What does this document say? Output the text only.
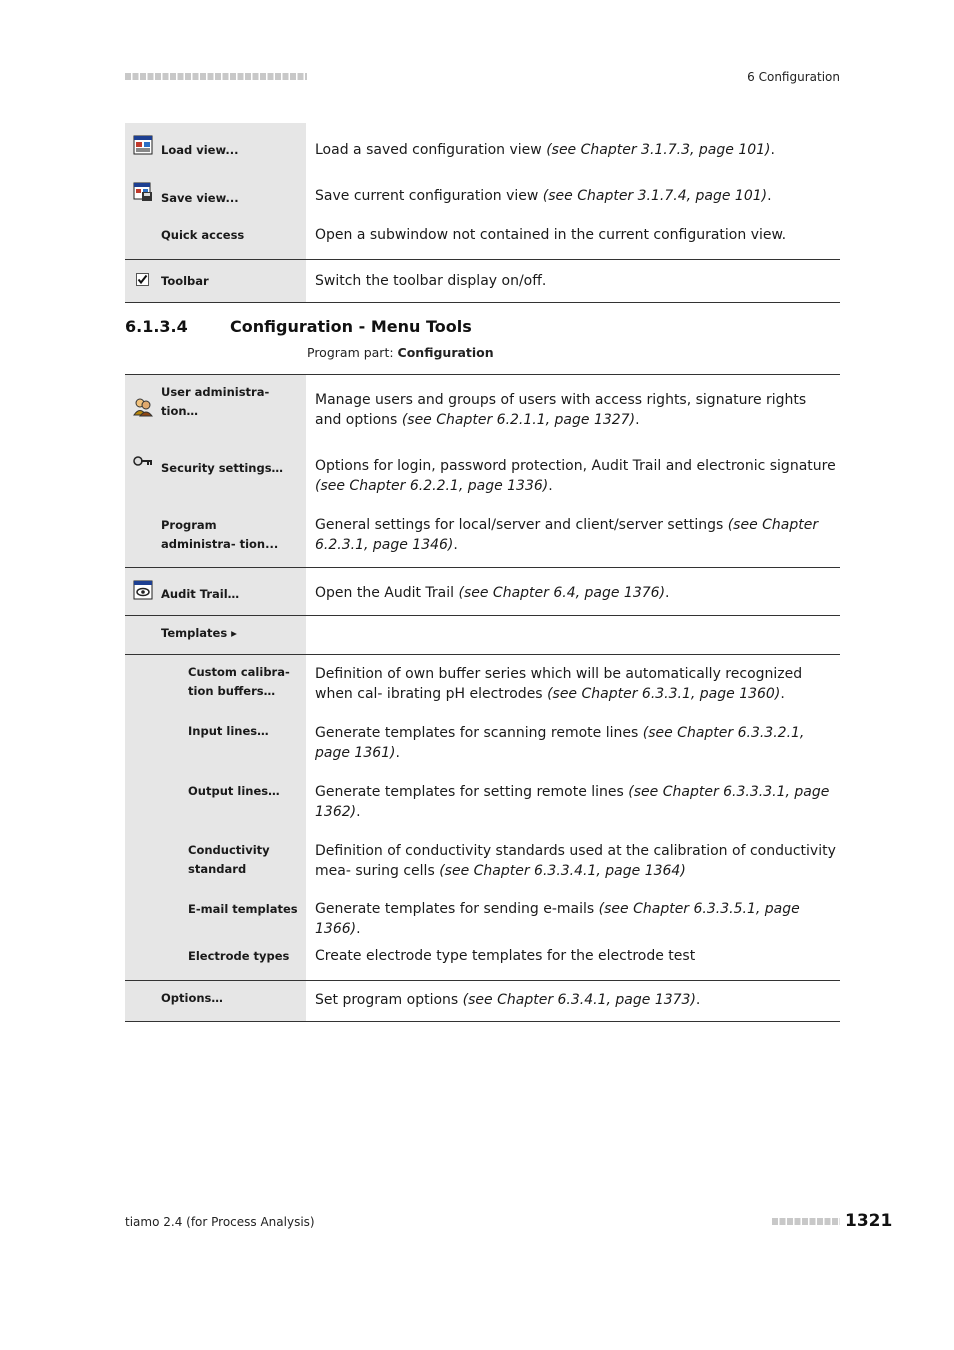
6 Configuration
Load view...	Load a saved configuration view (see Chapter 3.1.7.3, page 101).

Save view...	Save current configuration view (see Chapter 3.1.7.4, page 101).

Quick access	Open a subwindow not contained in the current configuration view.

Toolbar	Switch the toolbar display on/off.
6.1.3.4	Configuration - Menu Tools
Program part: Configuration
User administra- tion…	Manage users and groups of users with access rights, signature rights and options (see Chapter 6.2.1.1, page 1327).

Security settings…	Options for login, password protection, Audit Trail and electronic signature (see Chapter 6.2.2.1, page 1336).

Program administra- tion...	General settings for local/server and client/server settings (see Chapter 6.2.3.1, page 1346).

Audit Trail…	Open the Audit Trail (see Chapter 6.4, page 1376).

Templates ▸	

Custom calibra- tion buffers…	Definition of own buffer series which will be automatically recognized when cal- ibrating pH electrodes (see Chapter 6.3.3.1, page 1360).

Input lines…	Generate templates for scanning remote lines (see Chapter 6.3.3.2.1, page 1361).

Output lines…	Generate templates for setting remote lines (see Chapter 6.3.3.3.1, page 1362).

Conductivity standard	Definition of conductivity standards used at the calibration of conductivity mea- suring cells (see Chapter 6.3.3.4.1, page 1364)

E-mail templates	Generate templates for sending e-mails (see Chapter 6.3.3.5.1, page 1366).

Electrode types	Create electrode type templates for the electrode test

Options…	Set program options (see Chapter 6.3.4.1, page 1373).
tiamo 2.4 (for Process Analysis)	1321
